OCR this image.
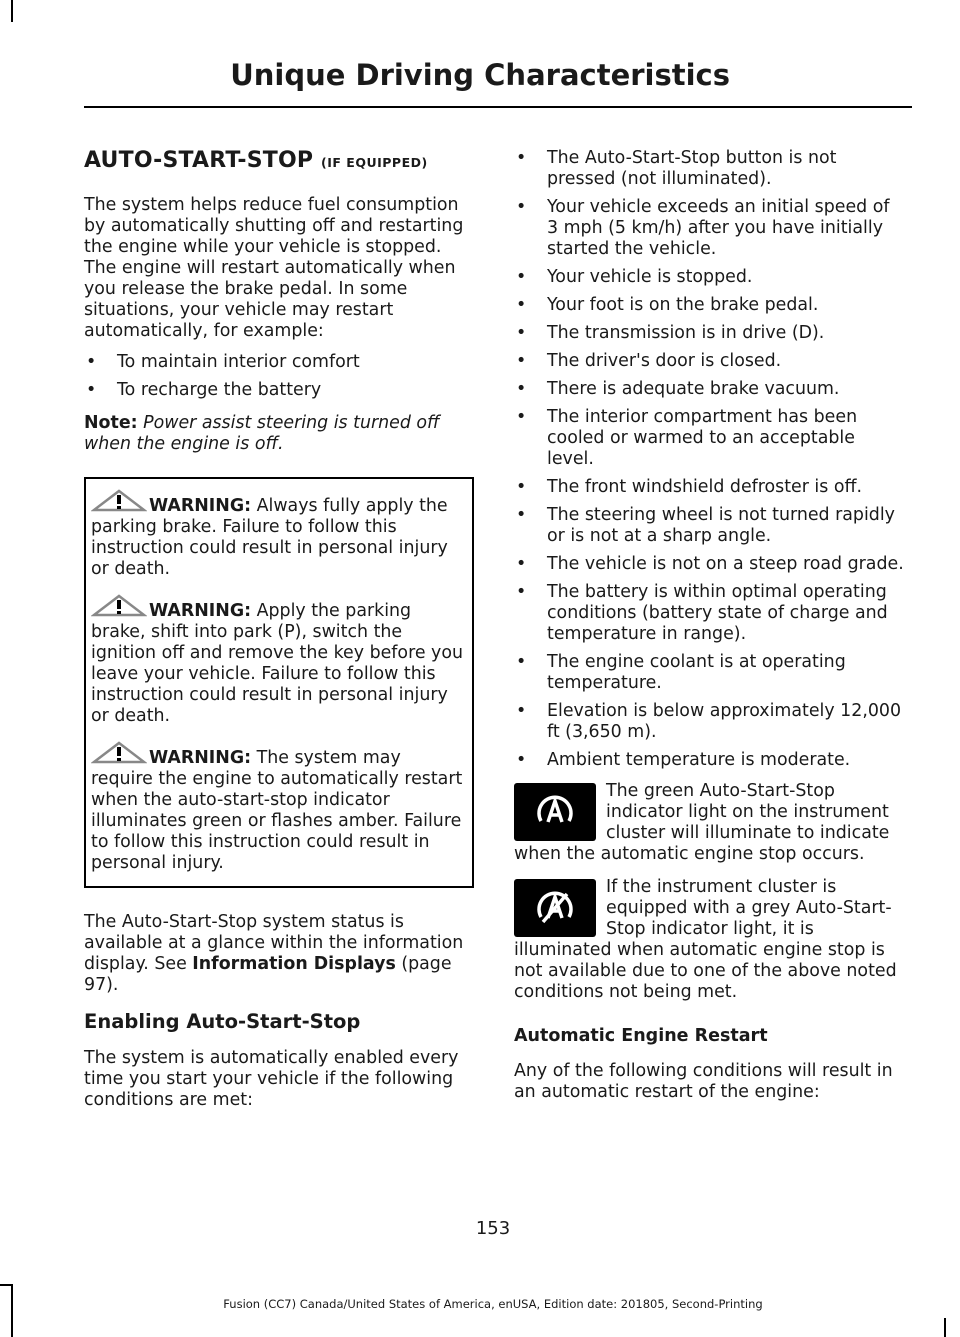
Unique Driving Characteristics
AUTO-START-STOP (IF EQUIPPED)

The system helps reduce fuel consumption by automatically shutting off and restarting the engine while your vehicle is stopped. The engine will restart automatically when you release the brake pedal. In some situations, your vehicle may restart automatically, for example:

• To maintain interior comfort
• To recharge the battery

Note: Power assist steering is turned off when the engine is off.

WARNING: Always fully apply the parking brake. Failure to follow this instruction could result in personal injury or death.
WARNING: Apply the parking brake, shift into park (P), switch the ignition off and remove the key before you leave your vehicle. Failure to follow this instruction could result in personal injury or death.
WARNING: The system may require the engine to automatically restart when the auto-start-stop indicator illuminates green or flashes amber. Failure to follow this instruction could result in personal injury.

The Auto-Start-Stop system status is available at a glance within the information display. See Information Displays (page 97).

Enabling Auto-Start-Stop

The system is automatically enabled every time you start your vehicle if the following conditions are met:

• The Auto-Start-Stop button is not pressed (not illuminated).
• Your vehicle exceeds an initial speed of 3 mph (5 km/h) after you have initially started the vehicle.
• Your vehicle is stopped.
• Your foot is on the brake pedal.
• The transmission is in drive (D).
• The driver's door is closed.
• There is adequate brake vacuum.
• The interior compartment has been cooled or warmed to an acceptable level.
• The front windshield defroster is off.
• The steering wheel is not turned rapidly or is not at a sharp angle.
• The vehicle is not on a steep road grade.
• The battery is within optimal operating conditions (battery state of charge and temperature in range).
• The engine coolant is at operating temperature.
• Elevation is below approximately 12,000 ft (3,650 m).
• Ambient temperature is moderate.
The green Auto-Start-Stop indicator light on the instrument cluster will illuminate to indicate when the automatic engine stop occurs.
If the instrument cluster is equipped with a grey Auto-Start-Stop indicator light, it is illuminated when automatic engine stop is not available due to one of the above noted conditions not being met.
Automatic Engine Restart

Any of the following conditions will result in an automatic restart of the engine:

153
Fusion (CC7) Canada/United States of America, enUSA, Edition date: 201805, Second-Printing
